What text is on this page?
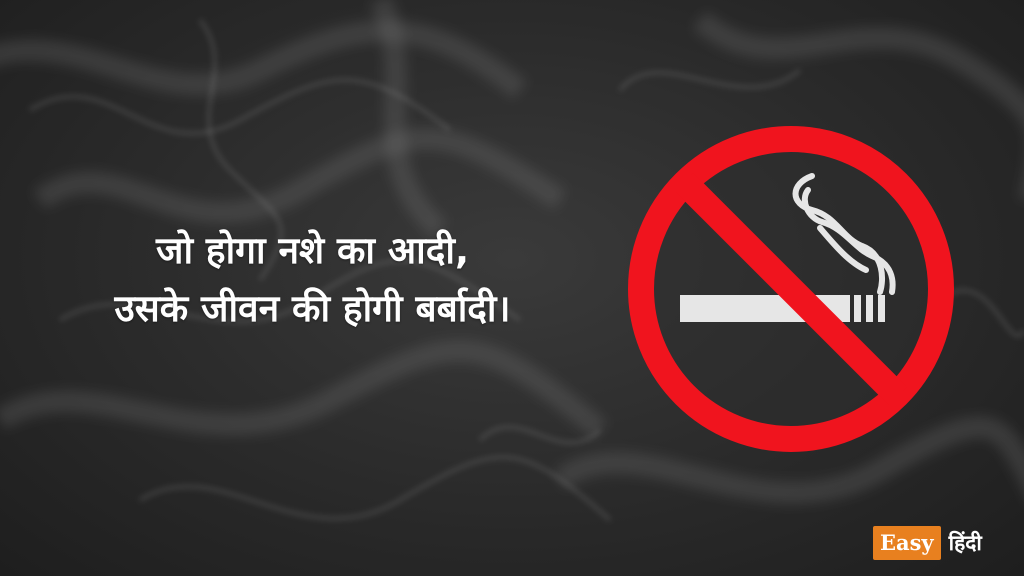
जो होगा नशे का आदी,
उसके जीवन की होगी बर्बादी।
Easy हिंदी
